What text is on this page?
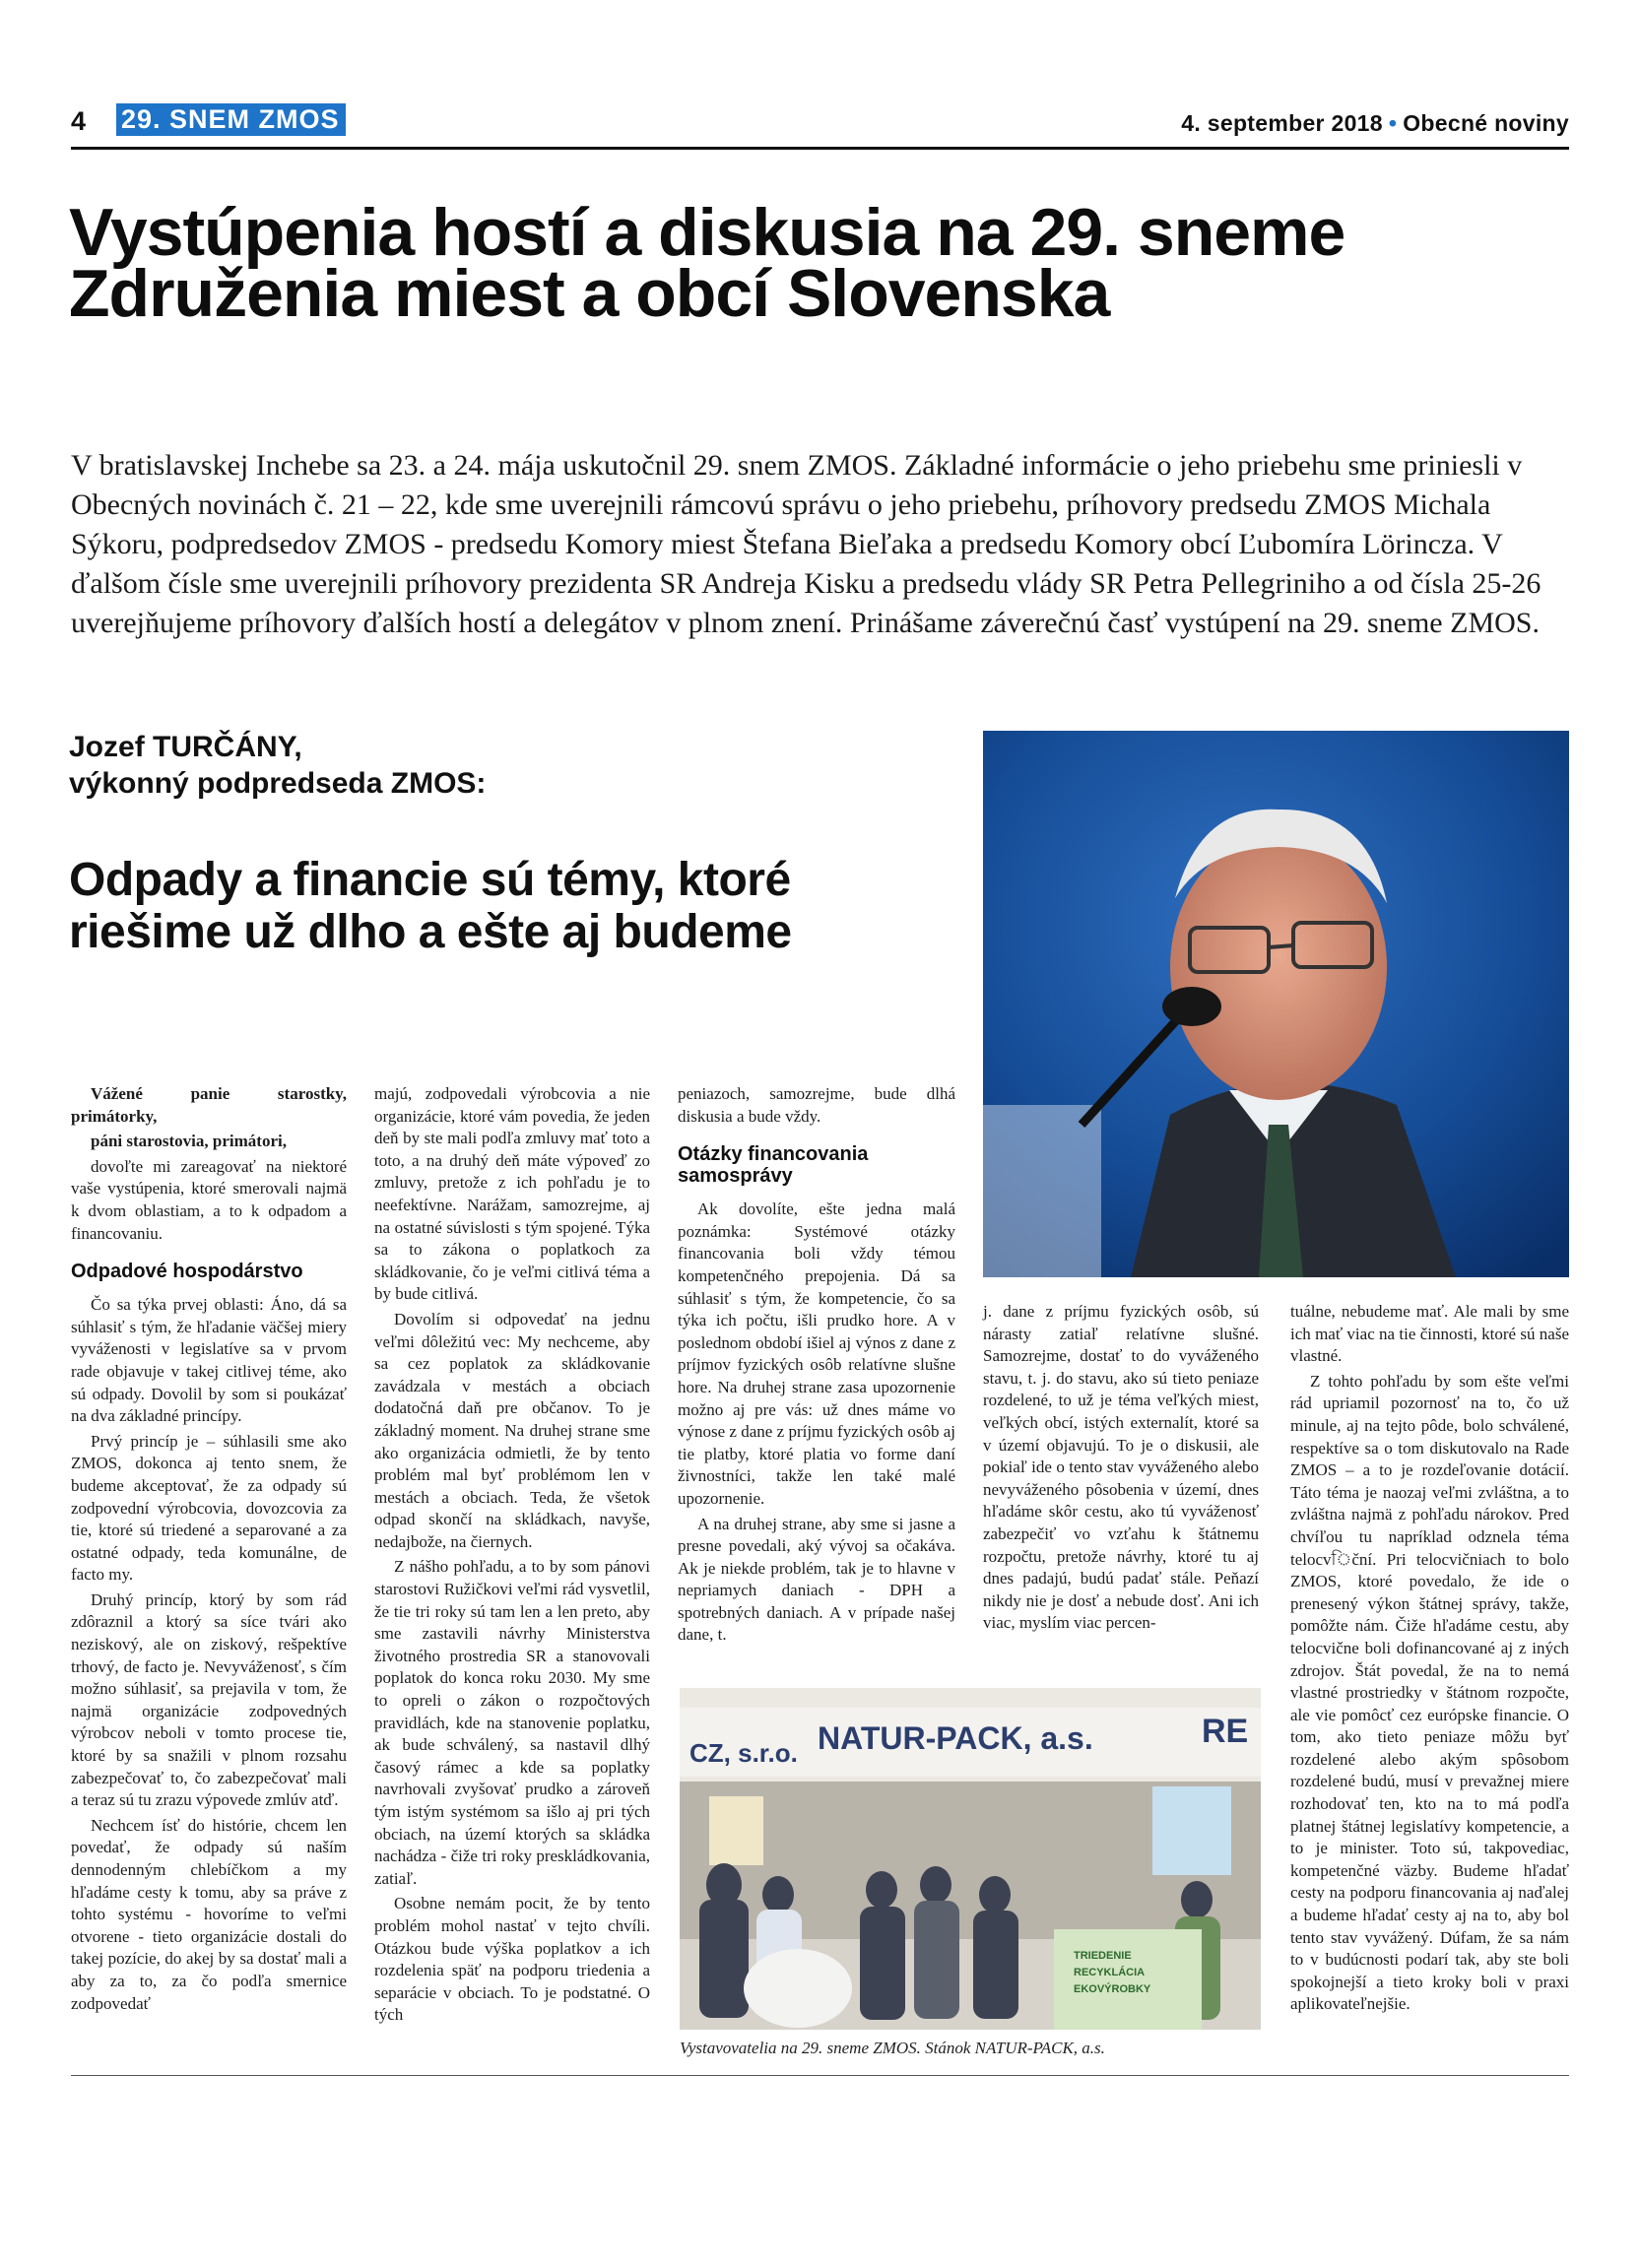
4 29. SNEM ZMOS	4. september 2018 • Obecné noviny
Vystúpenia hostí a diskusia na 29. sneme Združenia miest a obcí Slovenska
V bratislavskej Inchebe sa 23. a 24. mája uskutočnil 29. snem ZMOS. Základné informácie o jeho priebehu sme priniesli v Obecných novinách č. 21 – 22, kde sme uverejnili rámcovú správu o jeho priebehu, príhovory predsedu ZMOS Michala Sýkoru, podpredsedov ZMOS - predsedu Komory miest Štefana Bieľaka a predsedu Komory obcí Ľubomíra Lörincza. V ďalšom čísle sme uverejnili príhovory prezidenta SR Andreja Kisku a predsedu vlády SR Petra Pellegriniho a od čísla 25-26 uverejňujeme príhovory ďalších hostí a delegátov v plnom znení. Prinášame záverečnú časť vystúpení na 29. sneme ZMOS.
Jozef TURČÁNY,
výkonný podpredseda ZMOS:
Odpady a financie sú témy, ktoré riešime už dlho a ešte aj budeme

Vážené panie starostky, primátorky,

páni starostovia, primátori,

dovoľte mi zareagovať na niektoré vaše vystúpenia, ktoré smerovali najmä k dvom oblastiam, a to k odpadom a financovaniu.

Odpadové hospodárstvo

Čo sa týka prvej oblasti: Áno, dá sa súhlasiť s tým, že hľadanie väčšej miery vyváženosti v legislatíve sa v prvom rade objavuje v takej citlivej téme, ako sú odpady. Dovolil by som si poukázať na dva základné princípy.

Prvý princíp je – súhlasili sme ako ZMOS, dokonca aj tento snem, že budeme akceptovať, že za odpady sú zodpovední výrobcovia, dovozcovia za tie, ktoré sú triedené a separované a za ostatné odpady, teda komunálne, de facto my.

Druhý princíp, ktorý by som rád zdôraznil a ktorý sa síce tvári ako neziskový, ale on ziskový, rešpektíve trhový, de facto je. Nevyváženosť, s čím možno súhlasiť, sa prejavila v tom, že najmä organizácie zodpovedných výrobcov neboli v tomto procese tie, ktoré by sa snažili v plnom rozsahu zabezpečovať to, čo zabezpečovať mali a teraz sú tu zrazu výpovede zmlúv atď.

Nechcem ísť do histórie, chcem len povedať, že odpady sú naším dennodenným chlebíčkom a my hľadáme cesty k tomu, aby sa práve z tohto systému - hovoríme to veľmi otvorene - tieto organizácie dostali do takej pozície, do akej by sa dostať mali a aby za to, za čo podľa smernice zodpovedať

majú, zodpovedali výrobcovia a nie organizácie, ktoré vám povedia, že jeden deň by ste mali podľa zmluvy mať toto a toto, a na druhý deň máte výpoveď zo zmluvy, pretože z ich pohľadu je to neefektívne. Narážam, samozrejme, aj na ostatné súvislosti s tým spojené. Týka sa to zákona o poplatkoch za skládkovanie, čo je veľmi citlivá téma a by bude citlivá.

Dovolím si odpovedať na jednu veľmi dôležitú vec: My nechceme, aby sa cez poplatok za skládkovanie zavádzala v mestách a obciach dodatočná daň pre občanov. To je základný moment. Na druhej strane sme ako organizácia odmietli, že by tento problém mal byť problémom len v mestách a obciach. Teda, že všetok odpad skončí na skládkach, navyše, nedajbože, na čiernych.

Z nášho pohľadu, a to by som pánovi starostovi Ružičkovi veľmi rád vysvetlil, že tie tri roky sú tam len a len preto, aby sme zastavili návrhy Ministerstva životného prostredia SR a stanovovali poplatok do konca roku 2030. My sme to opreli o zákon o rozpočtových pravidlách, kde na stanovenie poplatku, ak bude schválený, sa nastavil dlhý časový rámec a kde sa poplatky navrhovali zvyšovať prudko a zároveň tým istým systémom sa išlo aj pri tých obciach, na území ktorých sa skládka nachádza - čiže tri roky preskládkovania, zatiaľ.

Osobne nemám pocit, že by tento problém mohol nastať v tejto chvíli. Otázkou bude výška poplatkov a ich rozdelenia späť na podporu triedenia a separácie v obciach. To je podstatné. O tých

peniazoch, samozrejme, bude dlhá diskusia a bude vždy.

Otázky financovania samosprávy

Ak dovolíte, ešte jedna malá poznámka: Systémové otázky financovania boli vždy témou kompetenčného prepojenia. Dá sa súhlasiť s tým, že kompetencie, čo sa týka ich počtu, išli prudko hore. A v poslednom období išiel aj výnos z dane z príjmov fyzických osôb relatívne slušne hore. Na druhej strane zasa upozornenie možno aj pre vás: už dnes máme vo výnose z dane z príjmu fyzických osôb aj tie platby, ktoré platia vo forme daní živnostníci, takže len také malé upozornenie.

A na druhej strane, aby sme si jasne a presne povedali, aký vývoj sa očakáva. Ak je niekde problém, tak je to hlavne v nepriamych daniach - DPH a spotrebných daniach. A v prípade našej dane, t.

j. dane z príjmu fyzických osôb, sú nárasty zatiaľ relatívne slušné. Samozrejme, dostať to do vyváženého stavu, t. j. do stavu, ako sú tieto peniaze rozdelené, to už je téma veľkých miest, veľkých obcí, istých externalít, ktoré sa v území objavujú. To je o diskusii, ale pokiaľ ide o tento stav vyváženého alebo nevyváženého pôsobenia v území, dnes hľadáme skôr cestu, ako tú vyváženosť zabezpečiť vo vzťahu k štátnemu rozpočtu, pretože návrhy, ktoré tu aj dnes padajú, budú padať stále. Peňazí nikdy nie je dosť a nebude dosť. Ani ich viac, myslím viac percen-

tuálne, nebudeme mať. Ale mali by sme ich mať viac na tie činnosti, ktoré sú naše vlastné.

Z tohto pohľadu by som ešte veľmi rád upriamil pozornosť na to, čo už minule, aj na tejto pôde, bolo schválené, respektíve sa o tom diskutovalo na Rade ZMOS – a to je rozdeľovanie dotácií. Táto téma je naozaj veľmi zvláštna, a to zvláštna najmä z pohľadu nárokov. Pred chvíľou tu napríklad odznela téma telocvিční. Pri telocvičniach to bolo ZMOS, ktoré povedalo, že ide o prenesený výkon štátnej správy, takže, pomôžte nám. Čiže hľadáme cestu, aby telocvične boli dofinancované aj z iných zdrojov. Štát povedal, že na to nemá vlastné prostriedky v štátnom rozpočte, ale vie pomôcť cez európske financie. O tom, ako tieto peniaze môžu byť rozdelené alebo akým spôsobom rozdelené budú, musí v prevažnej miere rozhodovať ten, kto na to má podľa platnej štátnej legislatívy kompetencie, a to je minister. Toto sú, takpovediac, kompetenčné väzby. Budeme hľadať cesty na podporu financovania aj naďalej a budeme hľadať cesty aj na to, aby bol tento stav vyvážený. Dúfam, že sa nám to v budúcnosti podarí tak, aby ste boli spokojnejší a tieto kroky boli v praxi aplikovateľnejšie.

CZ, s.r.o. NATUR-PACK, a.s.	RE
TRIEDENIE
RECYKLÁCIA
EKOVÝROBKY
Vystavovatelia na 29. sneme ZMOS. Stánok NATUR-PACK, a.s.
